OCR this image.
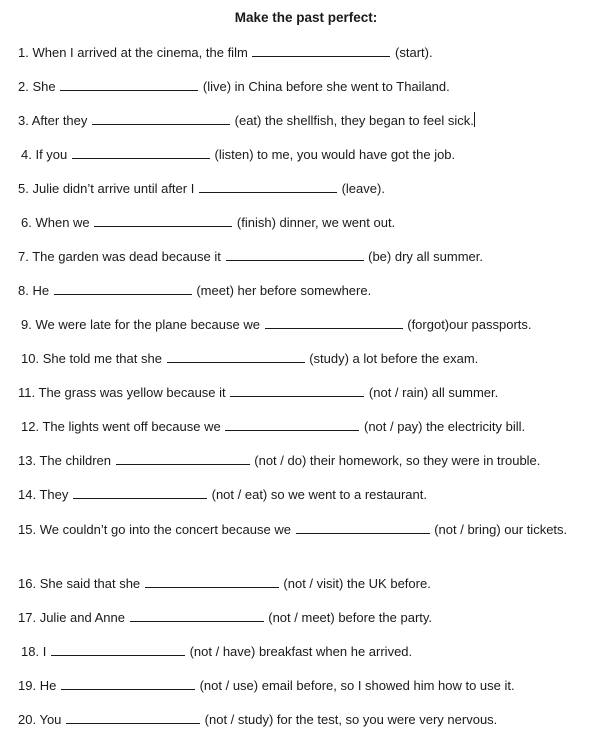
Make the past perfect:
1. When I arrived at the cinema, the film	(start).
2. She	(live) in China before she went to Thailand.
3. After they	(eat) the shellfish, they began to feel sick.
4. If you	(listen) to me, you would have got the job.
5. Julie didn’t arrive until after I	(leave).
6. When we	(finish) dinner, we went out.
7. The garden was dead because it	(be) dry all summer.
8. He	(meet) her before somewhere.
9. We were late for the plane because we	(forgot)our passports.
10. She told me that she	(study) a lot before the exam.
11. The grass was yellow because it	(not / rain) all summer.
12. The lights went off because we	(not / pay) the electricity bill.
13. The children	(not / do) their homework, so they were in trouble.
14. They	(not / eat) so we went to a restaurant.
15. We couldn’t go into the concert because we	(not / bring) our tickets.
16. She said that she	(not / visit) the UK before.
17. Julie and Anne	(not / meet) before the party.
18. I	(not / have) breakfast when he arrived.
19. He	(not / use) email before, so I showed him how to use it.
20. You	(not / study) for the test, so you were very nervous.
